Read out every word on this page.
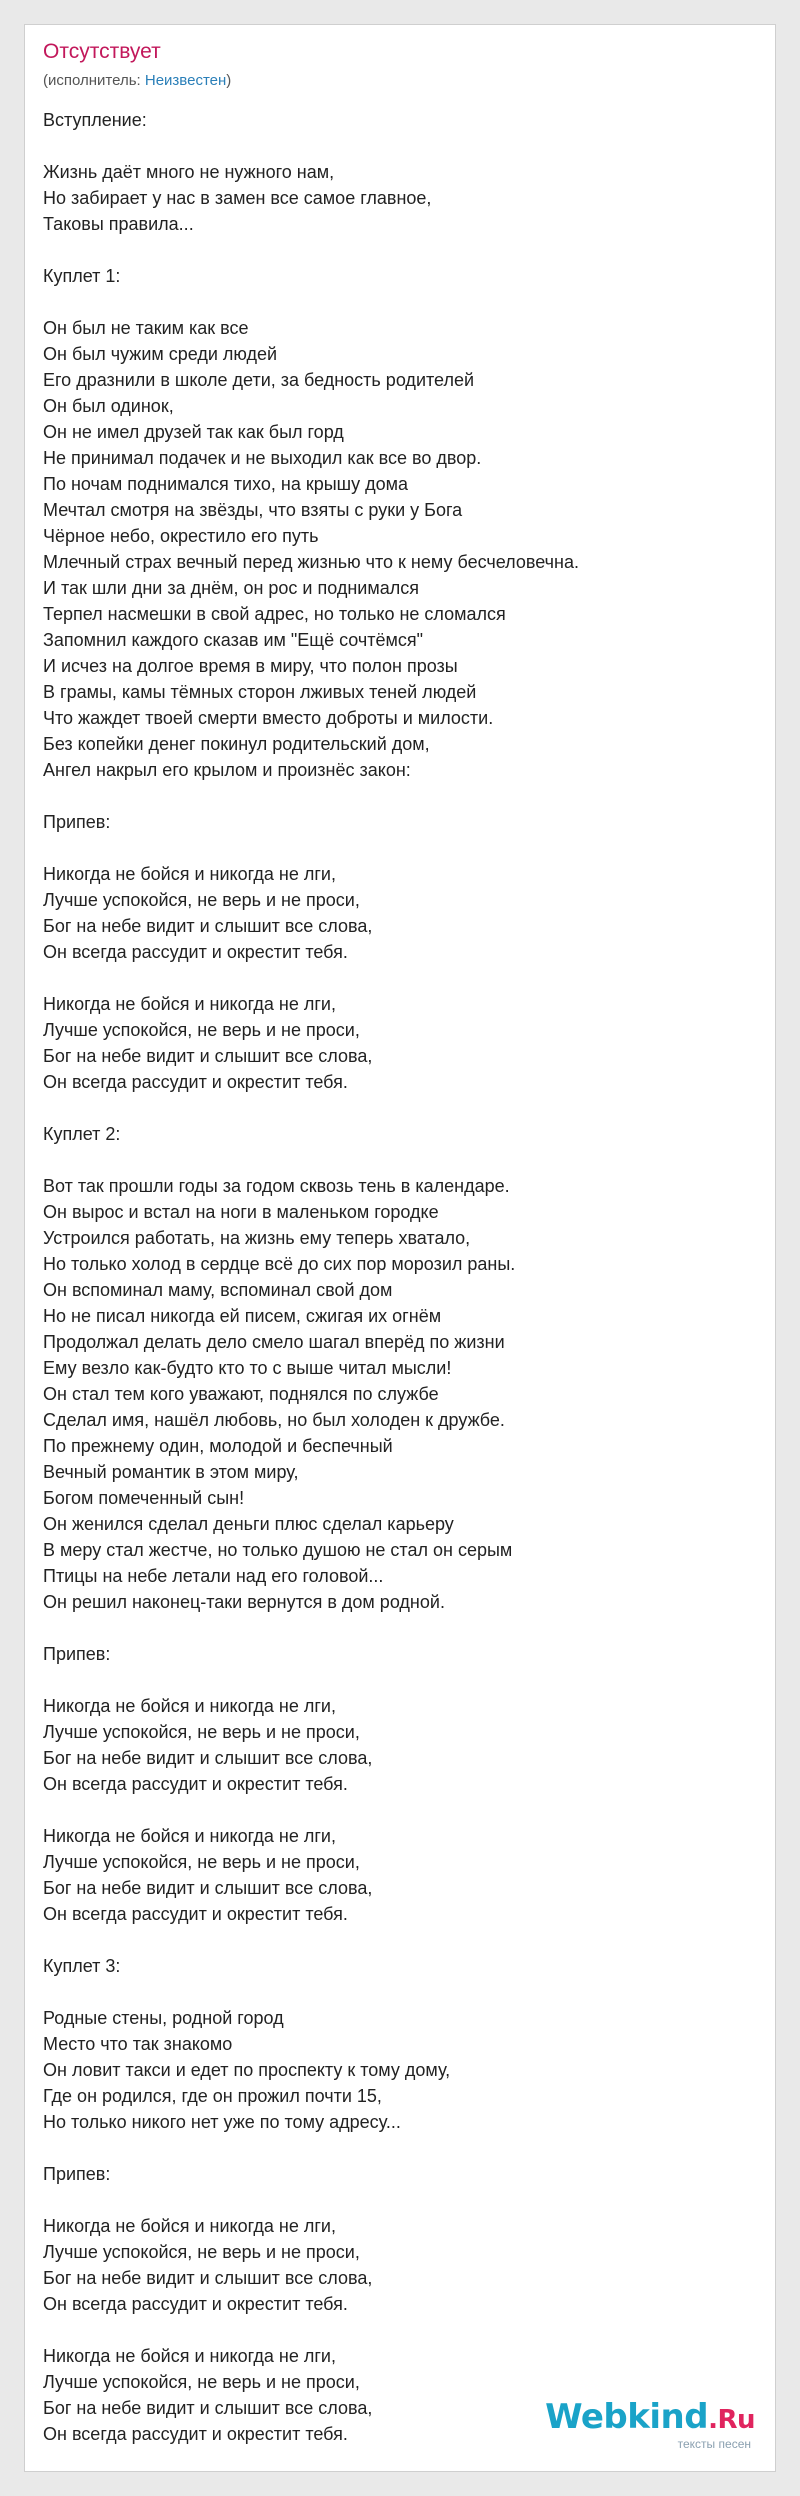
Отсутствует
(исполнитель: Неизвестен)
Вступление:
Жизнь даёт много не нужного нам,
Но забирает у нас в замен все самое главное,
Таковы правила...
Куплет 1:
Он был не таким как все
Он был чужим среди людей
Его дразнили в школе дети, за бедность родителей
Он был одинок,
Он не имел друзей так как был горд
Не принимал подачек и не выходил как все во двор.
По ночам поднимался тихо, на крышу дома
Мечтал смотря на звёзды, что взяты с руки у Бога
Чёрное небо, окрестило его путь
Млечный страх вечный перед жизнью что к нему бесчеловечна.
И так шли дни за днём, он рос и поднимался
Терпел насмешки в свой адрес, но только не сломался
Запомнил каждого сказав им "Ещё сочтёмся"
И исчез на долгое время в миру, что полон прозы
В грамы, камы тёмных сторон лживых теней людей
Что жаждет твоей смерти вместо доброты и милости.
Без копейки денег покинул родительский дом,
Ангел накрыл его крылом и произнёс закон:
Припев:
Никогда не бойся и никогда не лги,
Лучше успокойся, не верь и не проси,
Бог на небе видит и слышит все слова,
Он всегда рассудит и окрестит тебя.
Никогда не бойся и никогда не лги,
Лучше успокойся, не верь и не проси,
Бог на небе видит и слышит все слова,
Он всегда рассудит и окрестит тебя.
Куплет 2:
Вот так прошли годы за годом сквозь тень в календаре.
Он вырос и встал на ноги в маленьком городке
Устроился работать, на жизнь ему теперь хватало,
Но только холод в сердце всё до сих пор морозил раны.
Он вспоминал маму, вспоминал свой дом
Но не писал никогда ей писем, сжигая их огнём
Продолжал делать дело смело шагал вперёд по жизни
Ему везло как-будто кто то с выше читал мысли!
Он стал тем кого уважают, поднялся по службе
Сделал имя, нашёл любовь, но был холоден к дружбе.
По прежнему один, молодой и беспечный
Вечный романтик в этом миру,
Богом помеченный сын!
Он женился сделал деньги плюс сделал карьеру
В меру стал жестче, но только душою не стал он серым
Птицы на небе летали над его головой...
Он решил наконец-таки вернутся в дом родной.
Припев:
Никогда не бойся и никогда не лги,
Лучше успокойся, не верь и не проси,
Бог на небе видит и слышит все слова,
Он всегда рассудит и окрестит тебя.
Никогда не бойся и никогда не лги,
Лучше успокойся, не верь и не проси,
Бог на небе видит и слышит все слова,
Он всегда рассудит и окрестит тебя.
Куплет 3:
Родные стены, родной город
Место что так знакомо
Он ловит такси и едет по проспекту к тому дому,
Где он родился, где он прожил почти 15,
Но только никого нет уже по тому адресу...
Припев:
Никогда не бойся и никогда не лги,
Лучше успокойся, не верь и не проси,
Бог на небе видит и слышит все слова,
Он всегда рассудит и окрестит тебя.
Никогда не бойся и никогда не лги,
Лучше успокойся, не верь и не проси,
Бог на небе видит и слышит все слова,
Он всегда рассудит и окрестит тебя.	Webkind.Ru
тексты песен
